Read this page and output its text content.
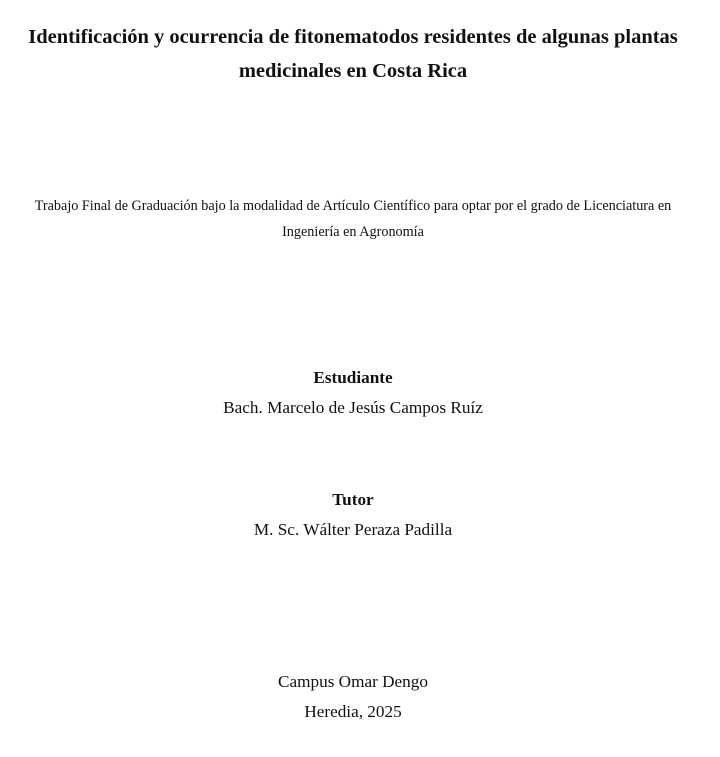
Identificación y ocurrencia de fitonematodos residentes de algunas plantas
medicinales en Costa Rica
Trabajo Final de Graduación bajo la modalidad de Artículo Científico para optar por el grado de Licenciatura en
Ingeniería en Agronomía
Estudiante
Bach. Marcelo de Jesús Campos Ruíz
Tutor
M. Sc. Wálter Peraza Padilla
Campus Omar Dengo
Heredia, 2025
